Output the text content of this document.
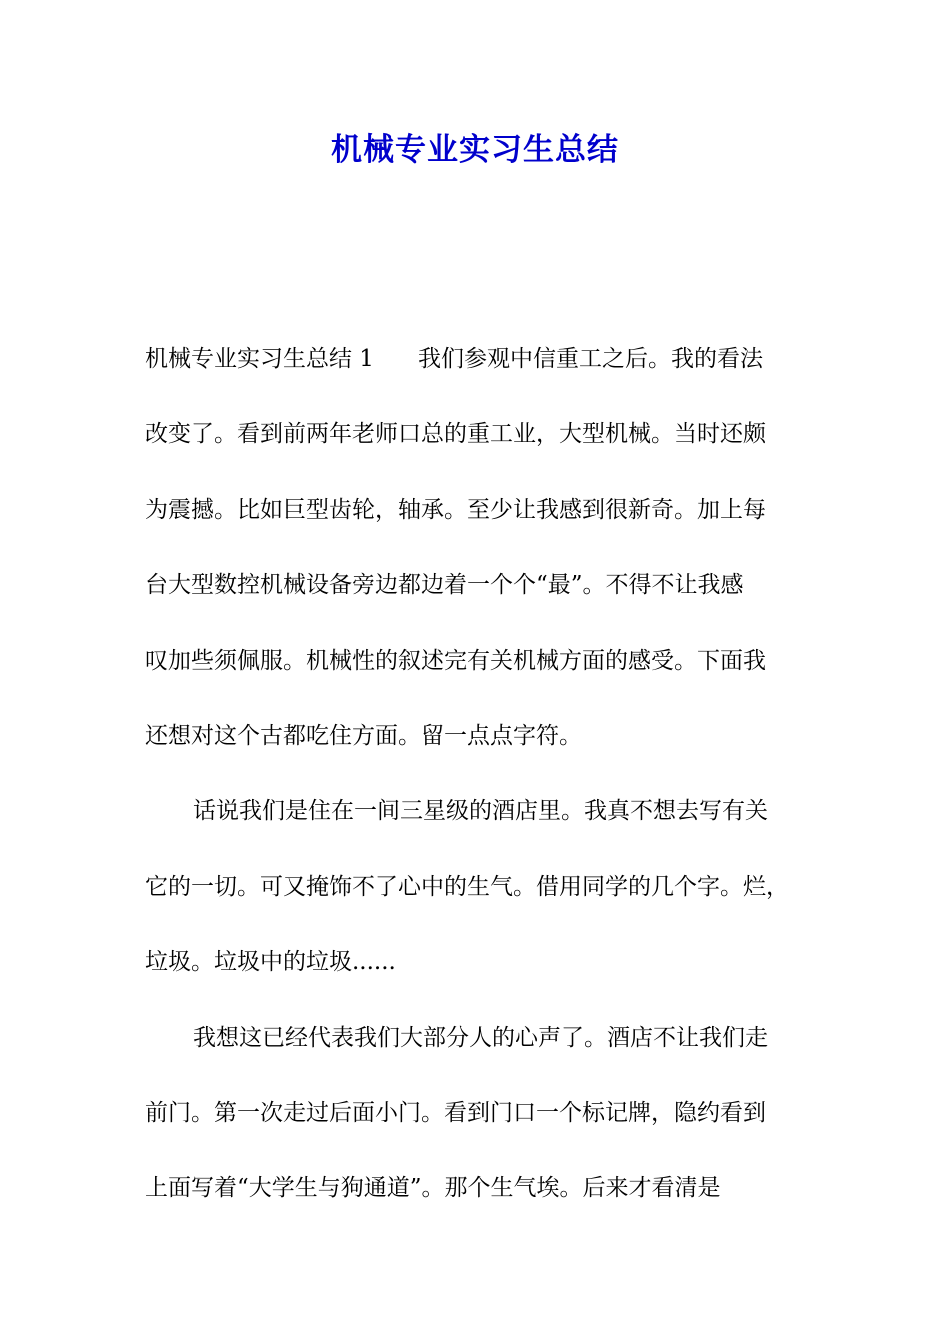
机械专业实习生总结
机械专业实习生总结 1 我们参观中信重工之后。我的看法
改变了。看到前两年老师口总的重工业，大型机械。当时还颇
为震撼。比如巨型齿轮，轴承。至少让我感到很新奇。加上每
台大型数控机械设备旁边都边着一个个“最”。不得不让我感
叹加些须佩服。机械性的叙述完有关机械方面的感受。下面我
还想对这个古都吃住方面。留一点点字符。
话说我们是住在一间三星级的酒店里。我真不想去写有关
它的一切。可又掩饰不了心中的生气。借用同学的几个字。烂，
垃圾。垃圾中的垃圾......
我想这已经代表我们大部分人的心声了。酒店不让我们走
前门。第一次走过后面小门。看到门口一个标记牌，隐约看到
上面写着“大学生与狗通道”。那个生气埃。后来才看清是
